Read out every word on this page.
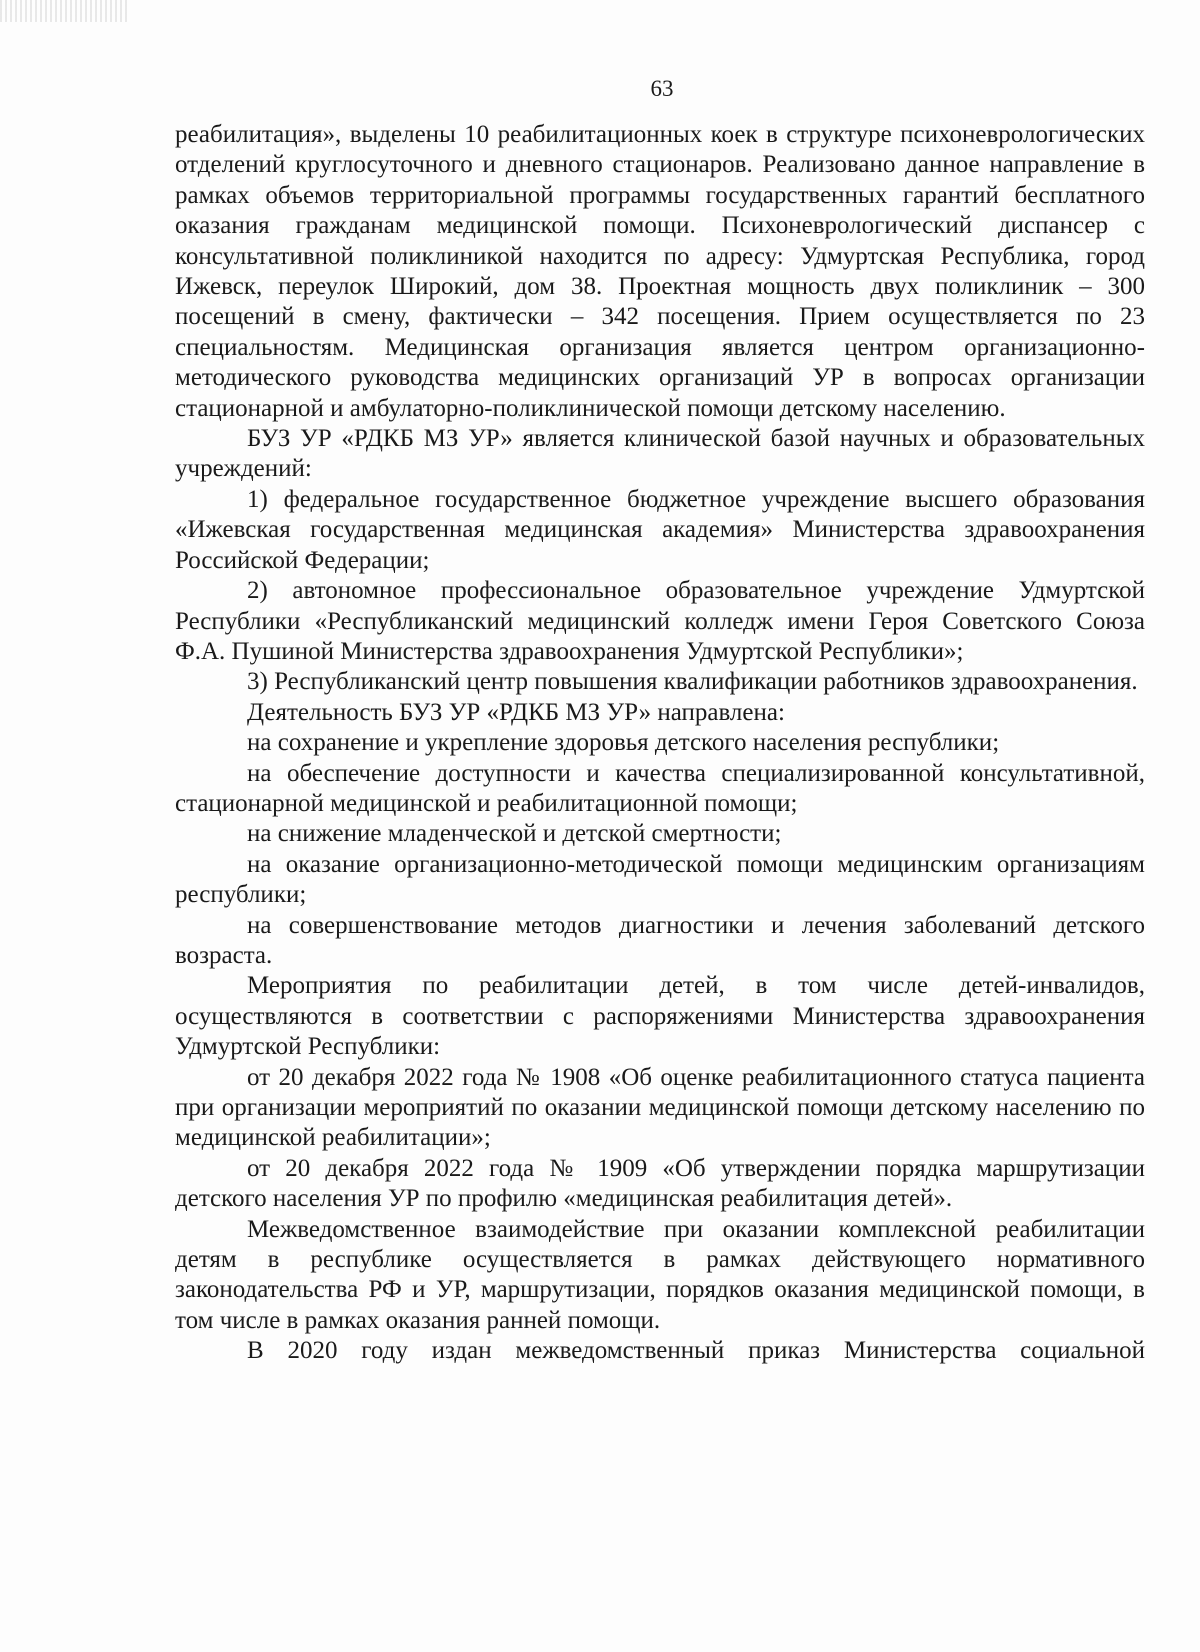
63

реабилитация», выделены 10 реабилитационных коек в структуре психоневрологических отделений круглосуточного и дневного стационаров. Реализовано данное направление в рамках объемов территориальной программы государственных гарантий бесплатного оказания гражданам медицинской помощи. Психоневрологический диспансер с консультативной поликлиникой находится по адресу: Удмуртская Республика, город Ижевск, переулок Широкий, дом 38. Проектная мощность двух поликлиник – 300 посещений в смену, фактически – 342 посещения. Прием осуществляется по 23 специальностям. Медицинская организация является центром организационно-методического руководства медицинских организаций УР в вопросах организации стационарной и амбулаторно-поликлинической помощи детскому населению.

БУЗ УР «РДКБ МЗ УР» является клинической базой научных и образовательных учреждений:

1) федеральное государственное бюджетное учреждение высшего образования «Ижевская государственная медицинская академия» Министерства здравоохранения Российской Федерации;

2) автономное профессиональное образовательное учреждение Удмуртской Республики «Республиканский медицинский колледж имени Героя Советского Союза Ф.А. Пушиной Министерства здравоохранения Удмуртской Республики»;

3) Республиканский центр повышения квалификации работников здравоохранения.

Деятельность БУЗ УР «РДКБ МЗ УР» направлена:

на сохранение и укрепление здоровья детского населения республики;

на обеспечение доступности и качества специализированной консультативной, стационарной медицинской и реабилитационной помощи;

на снижение младенческой и детской смертности;

на оказание организационно-методической помощи медицинским организациям республики;

на совершенствование методов диагностики и лечения заболеваний детского возраста.

Мероприятия по реабилитации детей, в том числе детей-инвалидов, осуществляются в соответствии с распоряжениями Министерства здравоохранения Удмуртской Республики:

от 20 декабря 2022 года № 1908 «Об оценке реабилитационного статуса пациента при организации мероприятий по оказании медицинской помощи детскому населению по медицинской реабилитации»;

от 20 декабря 2022 года № 1909 «Об утверждении порядка маршрутизации детского населения УР по профилю «медицинская реабилитация детей».

Межведомственное взаимодействие при оказании комплексной реабилитации детям в республике осуществляется в рамках действующего нормативного законодательства РФ и УР, маршрутизации, порядков оказания медицинской помощи, в том числе в рамках оказания ранней помощи.

В 2020 году издан межведомственный приказ Министерства социальной
